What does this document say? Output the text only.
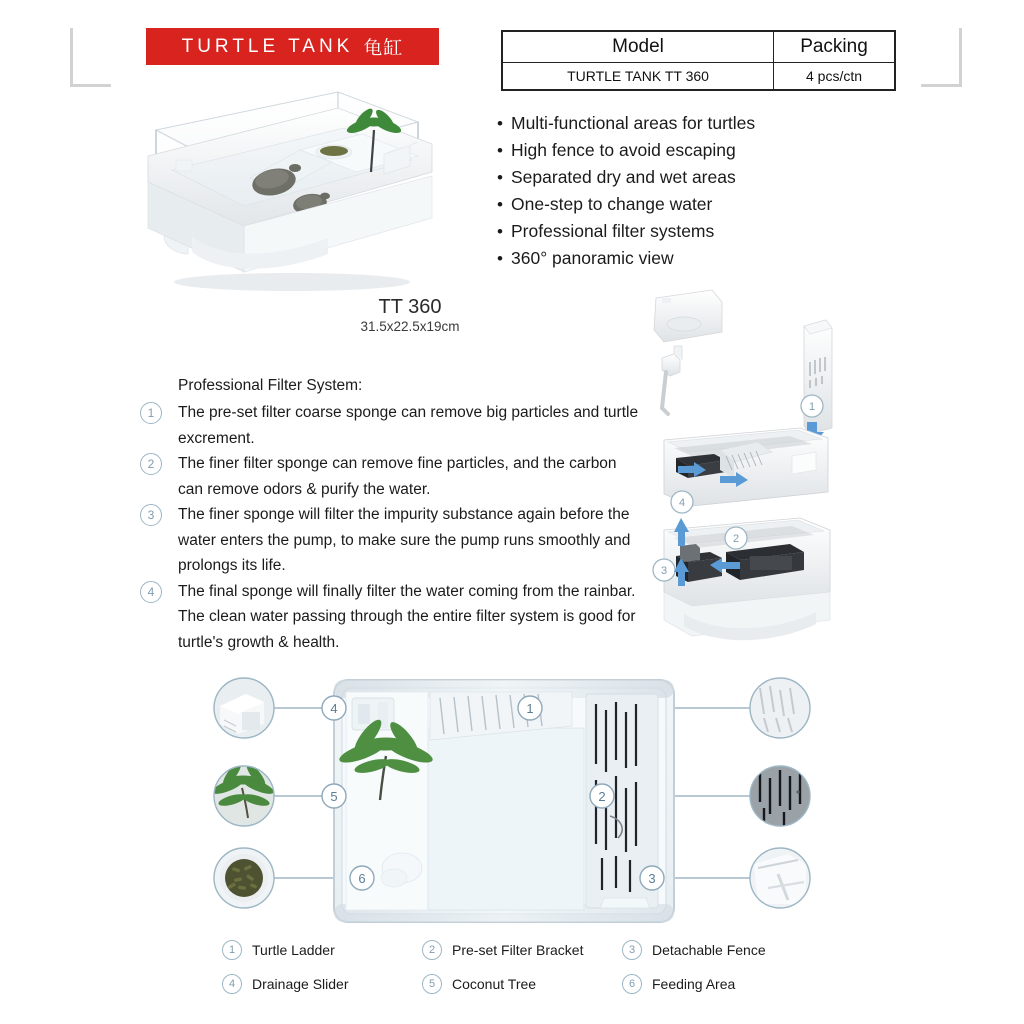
TURTLE TANK 龟缸	Model	Packing
TURTLE TANK TT 360	4 pcs/ctn
• Multi-functional areas for turtles
• High fence to avoid escaping
• Separated dry and wet areas
• One-step to change water
• Professional filter systems
• 360° panoramic view
TT 360
31.5x22.5x19cm
Professional Filter System:
1	The pre-set filter coarse sponge can remove big particles and turtle excrement.
2	The finer filter sponge can remove fine particles, and the carbon can remove odors & purify the water.
3	The finer sponge will filter the impurity substance again before the water enters the pump, to make sure the pump runs smoothly and prolongs its life.
4	The final sponge will finally filter the water coming from the rainbar. The clean water passing through the entire filter system is good for turtle's growth & health.
1
4
2
3
4
5
6
1
2
3
1	Turtle Ladder	2	Pre-set Filter Bracket	3	Detachable Fence
4	Drainage Slider	5	Coconut Tree	6	Feeding Area
